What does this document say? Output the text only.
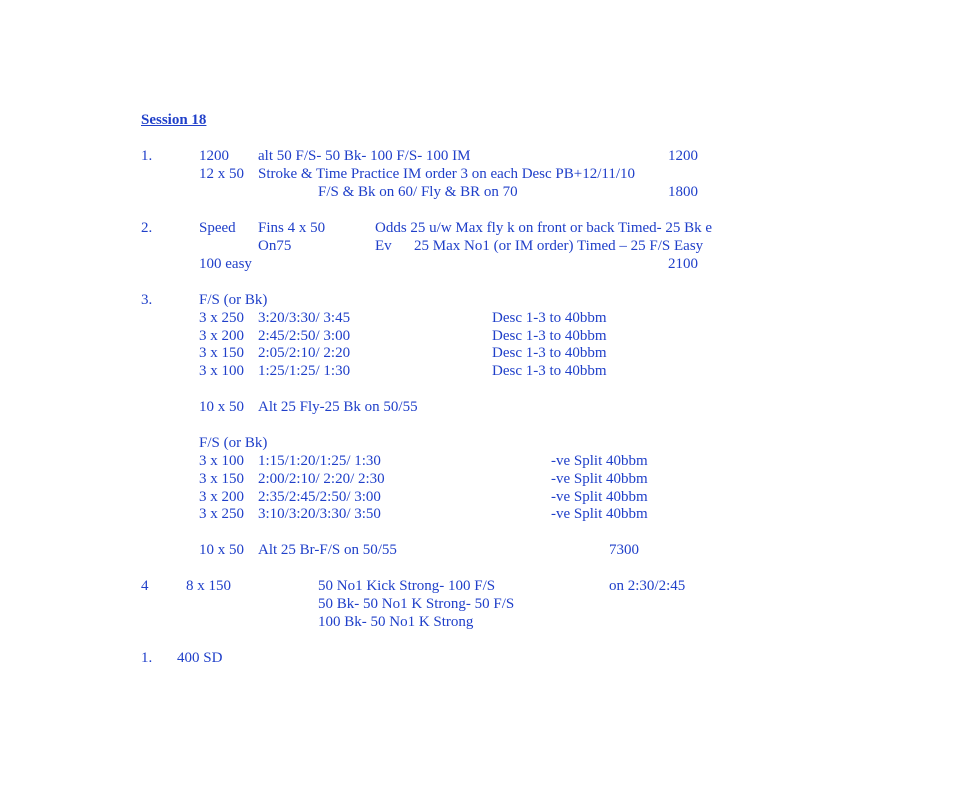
Session 18
1.	1200 alt 50 F/S- 50 Bk- 100 F/S- 100 IM	1200
12 x 50 Stroke & Time Practice IM order 3 on each Desc PB+12/11/10
F/S & Bk on 60/ Fly & BR on 70	1800
2.	Speed Fins 4 x 50	Odds 25 u/w Max fly k on front or back Timed- 25 Bk e
On75	Ev 25 Max No1 (or IM order) Timed – 25 F/S Easy
100 easy	2100
3.	F/S (or Bk)
3 x 250 3:20/3:30/ 3:45	Desc 1-3 to 40bbm
3 x 200 2:45/2:50/ 3:00	Desc 1-3 to 40bbm
3 x 150 2:05/2:10/ 2:20	Desc 1-3 to 40bbm
3 x 100 1:25/1:25/ 1:30	Desc 1-3 to 40bbm
10 x 50 Alt 25 Fly-25 Bk on 50/55
F/S (or Bk)
3 x 100 1:15/1:20/1:25/ 1:30	-ve Split 40bbm
3 x 150 2:00/2:10/ 2:20/ 2:30	-ve Split 40bbm
3 x 200 2:35/2:45/2:50/ 3:00	-ve Split 40bbm
3 x 250 3:10/3:20/3:30/ 3:50	-ve Split 40bbm
10 x 50 Alt 25 Br-F/S on 50/55	7300
4	8 x 150	50 No1 Kick Strong- 100 F/S	on 2:30/2:45
50 Bk- 50 No1 K Strong- 50 F/S
100 Bk- 50 No1 K Strong
1. 400 SD
